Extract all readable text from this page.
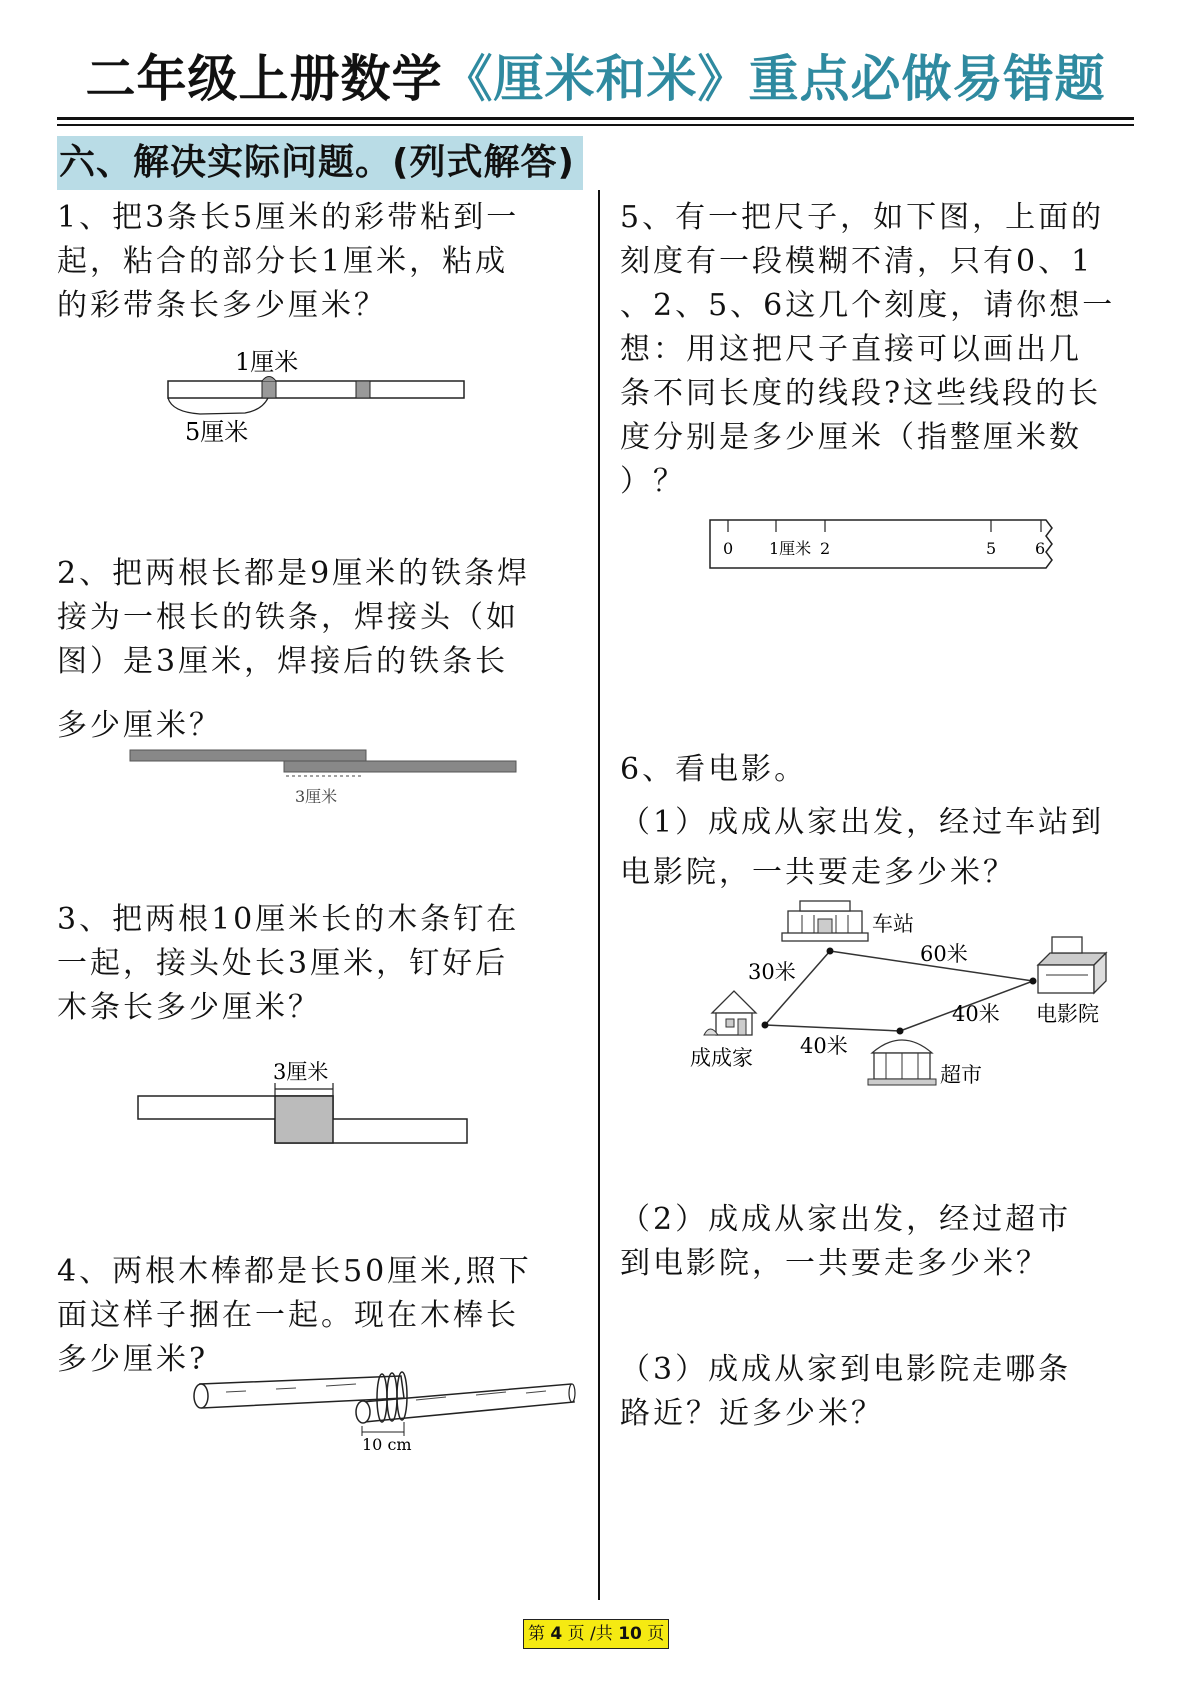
二年级上册数学《厘米和米》重点必做易错题
六、解决实际问题。(列式解答)

1、把3条长5厘米的彩带粘到一

起，粘合的部分长1厘米，粘成

的彩带条长多少厘米？

1厘米
5厘米

2、把两根长都是9厘米的铁条焊

接为一根长的铁条，焊接头（如

图）是3厘米，焊接后的铁条长

多少厘米？

3厘米

3、把两根10厘米长的木条钉在

一起，接头处长3厘米，钉好后

木条长多少厘米？

3厘米

4、两根木棒都是长50厘米,照下

面这样子捆在一起。现在木棒长

多少厘米?

10 cm

5、有一把尺子，如下图，上面的

刻度有一段模糊不清，只有0、1

、2、5、6这几个刻度，请你想一

想：用这把尺子直接可以画出几

条不同长度的线段?这些线段的长

度分别是多少厘米（指整厘米数

）？

0 1厘米 2	5 6
6、看电影。

（1）成成从家出发，经过车站到

电影院，一共要走多少米？

车站
电影院
成成家
超市
30米
60米
40米
40米

（2）成成从家出发，经过超市

到电影院，一共要走多少米？

（3）成成从家到电影院走哪条

路近？近多少米？

第 4 页 /共 10 页
